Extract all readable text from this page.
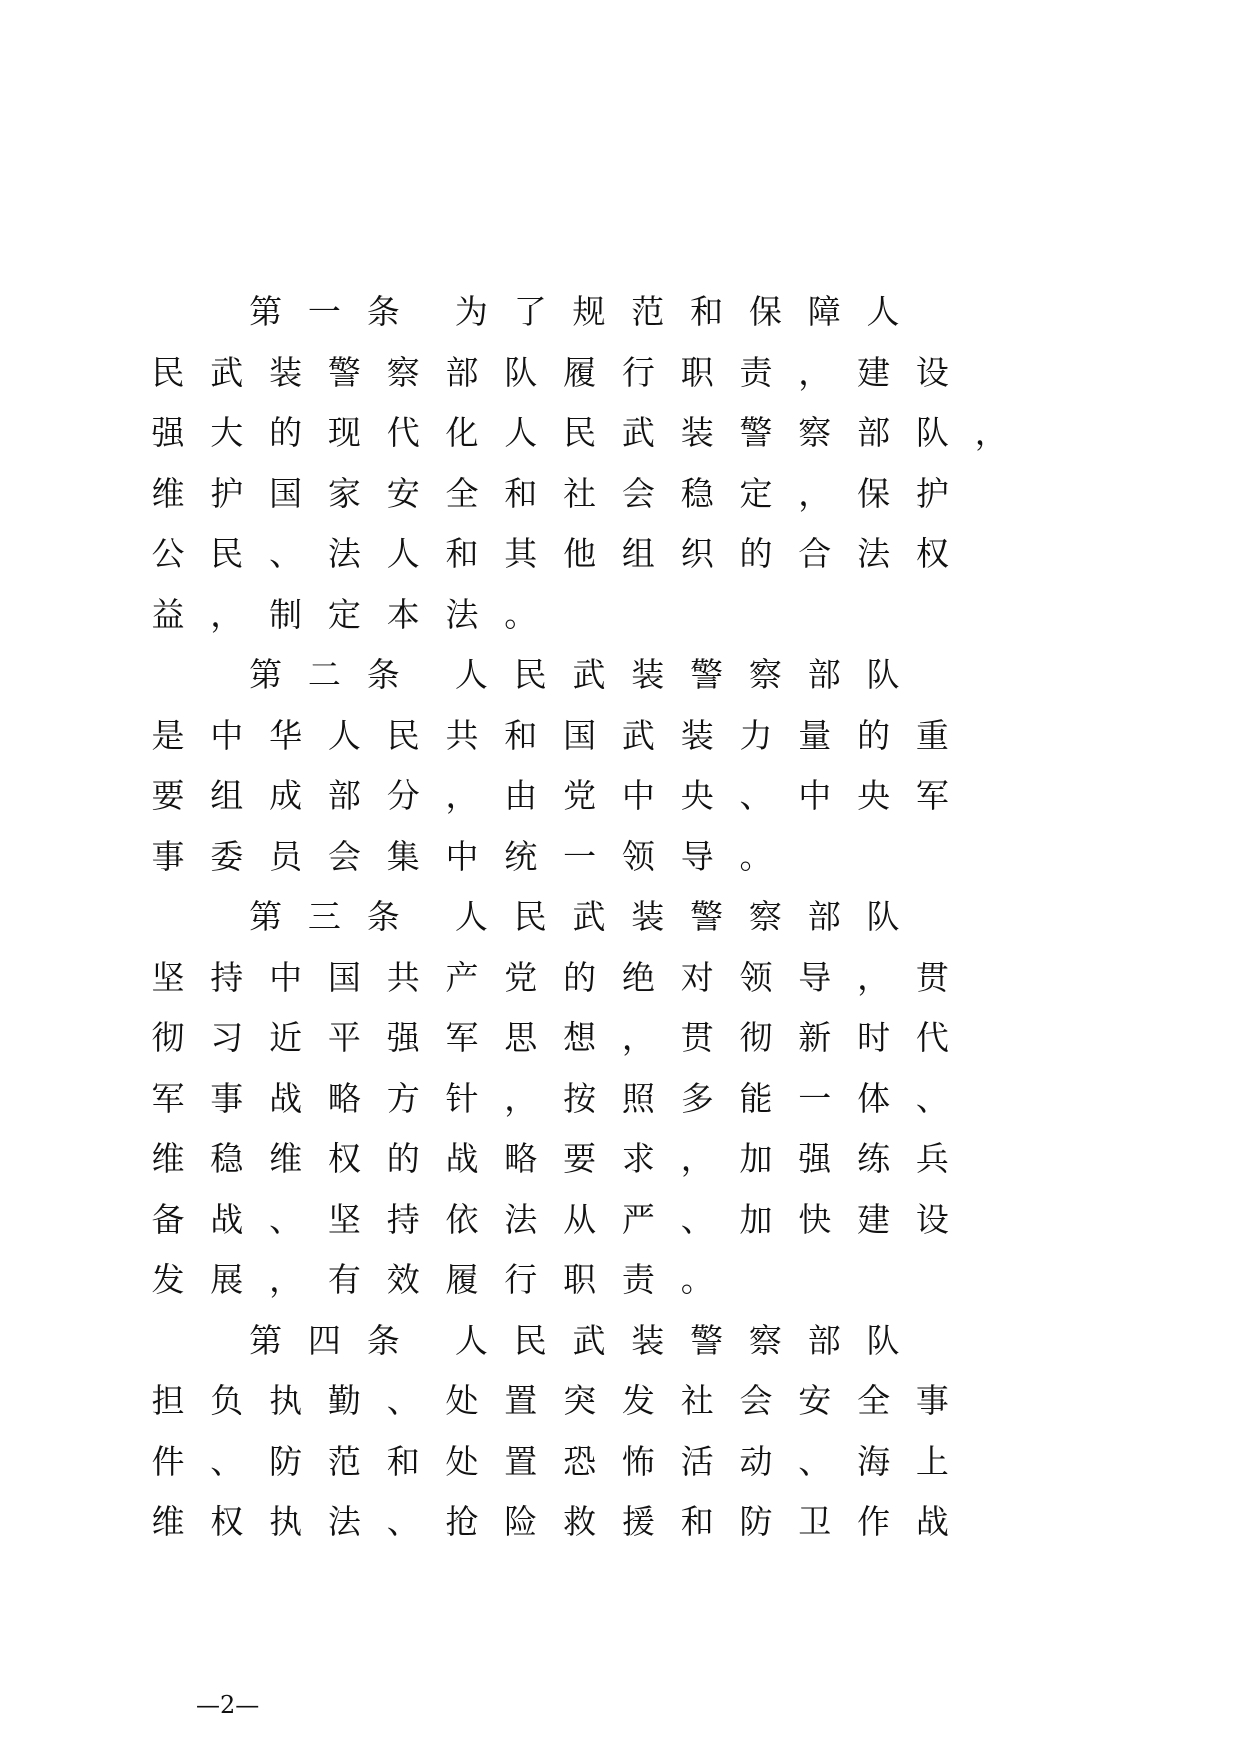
第 一 条 为 了 规 范 和 保 障 人
民 武 装 警 察 部 队 履 行 职 责 ， 建 设
强 大 的 现 代 化 人 民 武 装 警 察 部 队 ，
维 护 国 家 安 全 和 社 会 稳 定 ， 保 护
公 民 、 法 人 和 其 他 组 织 的 合 法 权
益 ， 制 定 本 法 。
第 二 条 人 民 武 装 警 察 部 队
是 中 华 人 民 共 和 国 武 装 力 量 的 重
要 组 成 部 分 ， 由 党 中 央 、 中 央 军
事 委 员 会 集 中 统 一 领 导 。
第 三 条 人 民 武 装 警 察 部 队
坚 持 中 国 共 产 党 的 绝 对 领 导 ， 贯
彻 习 近 平 强 军 思 想 ， 贯 彻 新 时 代
军 事 战 略 方 针 ， 按 照 多 能 一 体 、
维 稳 维 权 的 战 略 要 求 ， 加 强 练 兵
备 战 、 坚 持 依 法 从 严 、 加 快 建 设
发 展 ， 有 效 履 行 职 责 。
第 四 条 人 民 武 装 警 察 部 队
担 负 执 勤 、 处 置 突 发 社 会 安 全 事
件 、 防 范 和 处 置 恐 怖 活 动 、 海 上
维 权 执 法 、 抢 险 救 援 和 防 卫 作 战
—2—
